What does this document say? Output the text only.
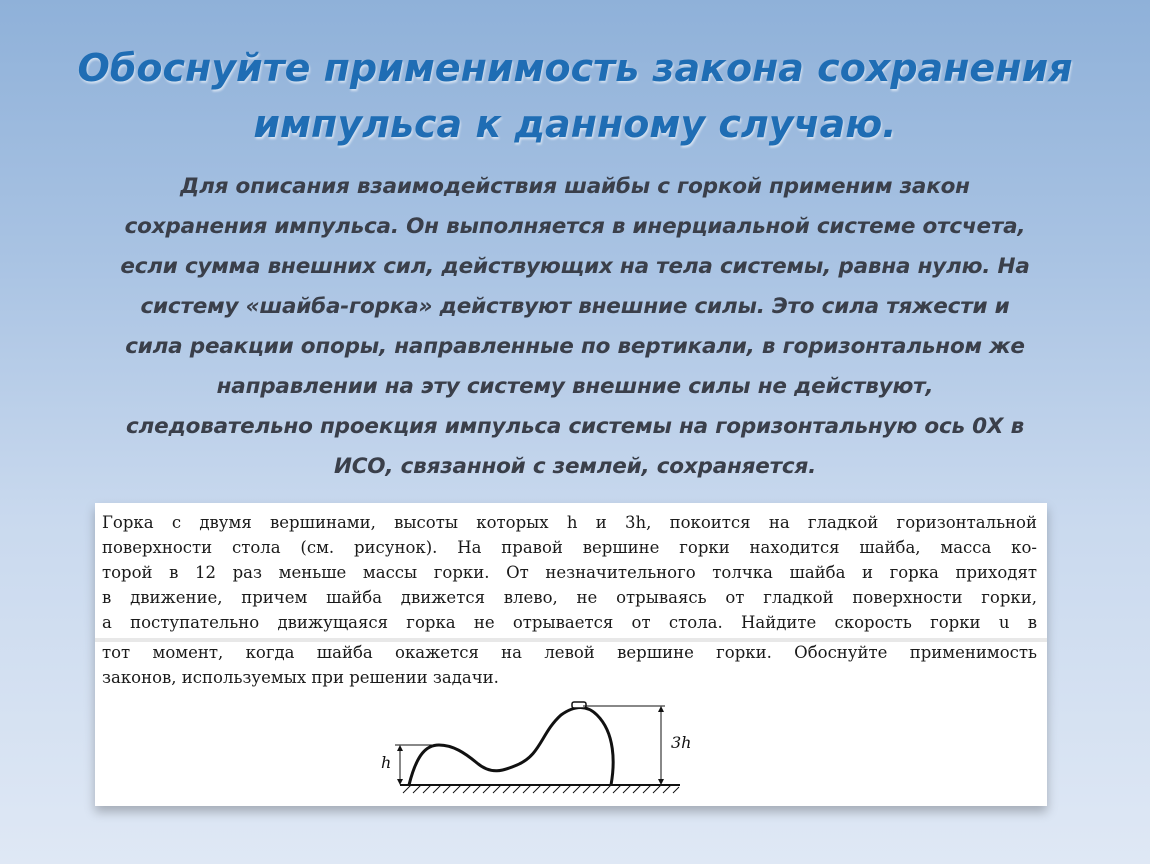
Обоснуйте применимость закона сохранения
импульса к данному случаю.
Для описания взаимодействия шайбы с горкой применим закон
сохранения импульса. Он выполняется в инерциальной системе отсчета,
если сумма внешних сил, действующих на тела системы, равна нулю. На
систему «шайба-горка» действуют внешние силы. Это сила тяжести и
сила реакции опоры, направленные по вертикали, в горизонтальном же
направлении на эту систему внешние силы не действуют,
следовательно проекция импульса системы на горизонтальную ось 0Х в
ИСО, связанной с землей, сохраняется.
Горка с двумя вершинами, высоты которых h и 3h, покоится на гладкой горизонтальной
поверхности стола (см. рисунок). На правой вершине горки находится шайба, масса ко-
торой в 12 раз меньше массы горки. От незначительного толчка шайба и горка приходят
в движение, причем шайба движется влево, не отрываясь от гладкой поверхности горки,
а поступательно движущаяся горка не отрывается от стола. Найдите скорость горки u в
тот момент, когда шайба окажется на левой вершине горки. Обоснуйте применимость
законов, используемых при решении задачи.
h
3h
